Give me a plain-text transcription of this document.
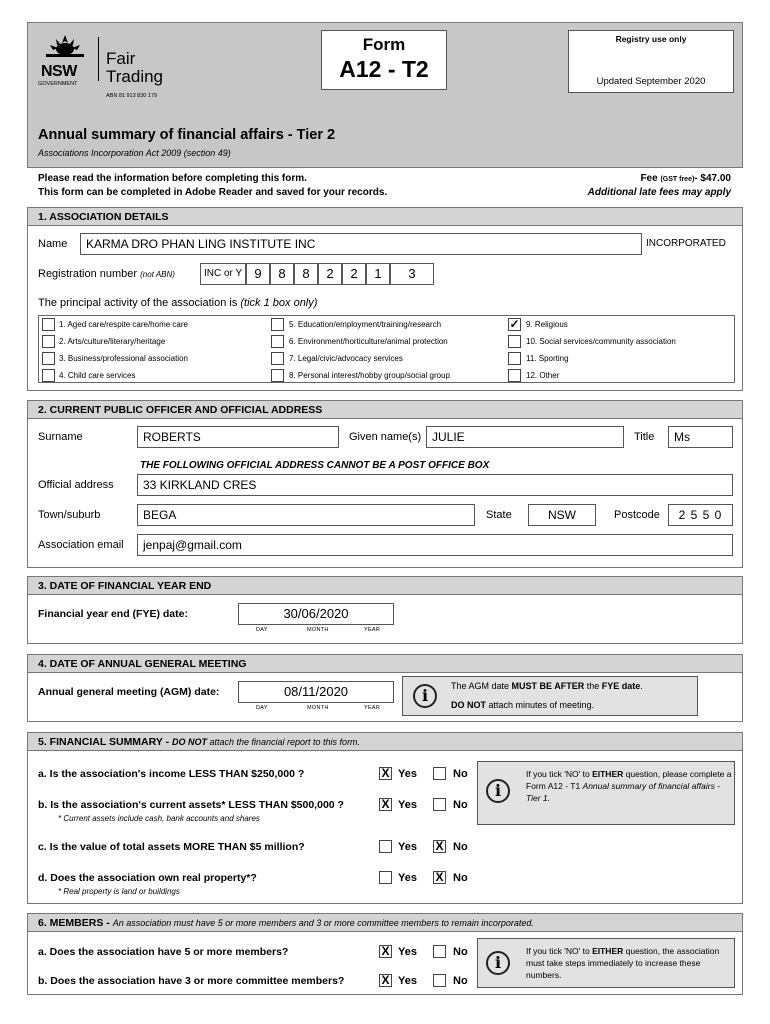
NSW
GOVERNMENT
Fair
Trading
ABN 81 913 830 179
Form
A12 - T2
Registry use only
Updated September 2020
Annual summary of financial affairs - Tier 2
Associations Incorporation Act 2009 (section 49)
Please read the information before completing this form.
This form can be completed in Adobe Reader and saved for your records.
Fee (GST free)- $47.00
Additional late fees may apply
1. ASSOCIATION DETAILS
Name	KARMA DRO PHAN LING INSTITUTE INC	INCORPORATED
Registration number (not ABN)	INC or Y 9	8	8	2	2	1	3
The principal activity of the association is (tick 1 box only)
1. Aged care/respite care/home care
2. Arts/culture/literary/heritage
3. Business/professional association
4. Child care services
5. Education/employment/training/research
6. Environment/horticulture/animal protection
7. Legal/civic/advocacy services
8. Personal interest/hobby group/social group
✓ 9. Religious
10. Social services/community association
11. Sporting
12. Other
2. CURRENT PUBLIC OFFICER AND OFFICIAL ADDRESS
Surname	ROBERTS	Given name(s) JULIE	Title	Ms
THE FOLLOWING OFFICIAL ADDRESS CANNOT BE A POST OFFICE BOX
Official address	33 KIRKLAND CRES
Town/suburb	BEGA	State	NSW	Postcode	2 5 5 0
Association email	jenpaj@gmail.com
3. DATE OF FINANCIAL YEAR END
Financial year end (FYE) date:	30/06/2020
DAY	MONTH	YEAR
4. DATE OF ANNUAL GENERAL MEETING
Annual general meeting (AGM) date:	08/11/2020
DAY	MONTH	YEAR
i	The AGM date MUST BE AFTER the FYE date.
DO NOT attach minutes of meeting.
5. FINANCIAL SUMMARY - DO NOT attach the financial report to this form.
a. Is the association's income LESS THAN $250,000 ?	X Yes	No
b. Is the association's current assets* LESS THAN $500,000 ?
* Current assets include cash, bank accounts and shares
X Yes	No
i
If you tick 'NO' to EITHER question, please complete a Form A12 - T1 Annual summary of financial affairs - Tier 1.
c. Is the value of total assets MORE THAN $5 million?	Yes X No
d. Does the association own real property*?
* Real property is land or buildings
Yes X No
6. MEMBERS - An association must have 5 or more members and 3 or more committee members to remain incorporated.
a. Does the association have 5 or more members?	X Yes	No
b. Does the association have 3 or more committee members?	X Yes	No
i
If you tick 'NO' to EITHER question, the association must take steps immediately to increase these numbers.
